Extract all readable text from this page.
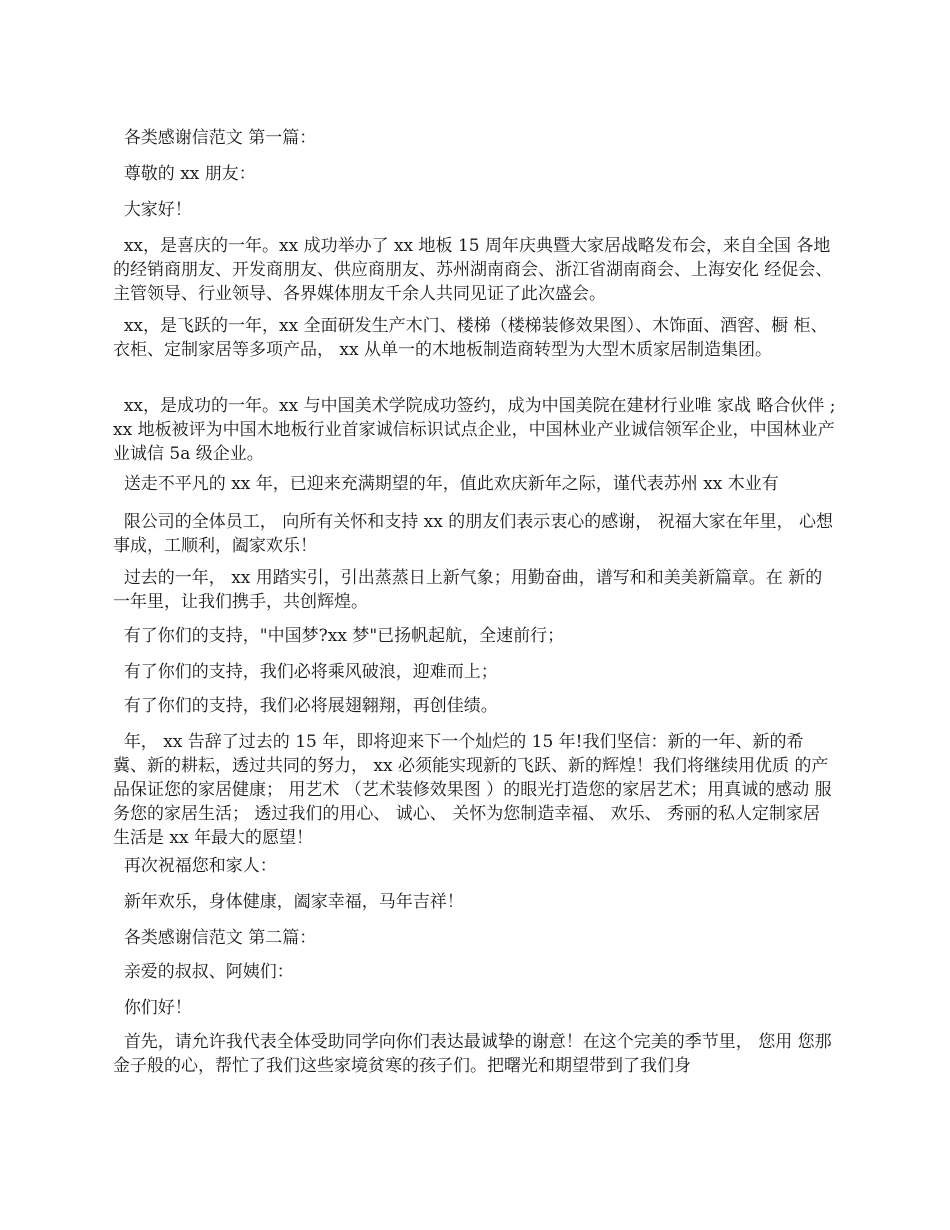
各类感谢信范文 第一篇：

尊敬的 xx 朋友：

大家好！

xx，是喜庆的一年。xx 成功举办了 xx 地板 15 周年庆典暨大家居战略发布会，来自全国 各地的经销商朋友、开发商朋友、供应商朋友、苏州湖南商会、浙江省湖南商会、上海安化 经促会、主管领导、行业领导、各界媒体朋友千余人共同见证了此次盛会。

xx，是飞跃的一年，xx 全面研发生产木门、楼梯（楼梯装修效果图）、木饰面、酒窖、橱 柜、衣柜、定制家居等多项产品， xx 从单一的木地板制造商转型为大型木质家居制造集团。

xx，是成功的一年。xx 与中国美术学院成功签约，成为中国美院在建材行业唯 家战 略合伙伴 ;xx 地板被评为中国木地板行业首家诚信标识试点企业，中国林业产业诚信领军企业，中国林业产业诚信 5a 级企业。

送走不平凡的 xx 年，已迎来充满期望的年，值此欢庆新年之际，谨代表苏州 xx 木业有

限公司的全体员工， 向所有关怀和支持 xx 的朋友们表示衷心的感谢， 祝福大家在年里， 心想 事成，工顺利，阖家欢乐！

过去的一年， xx 用踏实引，引出蒸蒸日上新气象；用勤奋曲，谱写和和美美新篇章。在 新的一年里，让我们携手，共创辉煌。

有了你们的支持，"中国梦?xx 梦"已扬帆起航，全速前行；

有了你们的支持，我们必将乘风破浪，迎难而上；

有了你们的支持，我们必将展翅翱翔，再创佳绩。

年， xx 告辞了过去的 15 年，即将迎来下一个灿烂的 15 年!我们坚信：新的一年、新的希冀、新的耕耘，透过共同的努力， xx 必须能实现新的飞跃、新的辉煌！我们将继续用优质 的产品保证您的家居健康； 用艺术 （艺术装修效果图 ）的眼光打造您的家居艺术；用真诚的感动 服务您的家居生活； 透过我们的用心、 诚心、 关怀为您制造幸福、 欢乐、 秀丽的私人定制家居 生活是 xx 年最大的愿望！

再次祝福您和家人：

新年欢乐，身体健康，阖家幸福，马年吉祥！

各类感谢信范文 第二篇：

亲爱的叔叔、阿姨们：

你们好！

首先，请允许我代表全体受助同学向你们表达最诚挚的谢意！在这个完美的季节里， 您用 您那金子般的心，帮忙了我们这些家境贫寒的孩子们。把曙光和期望带到了我们身
